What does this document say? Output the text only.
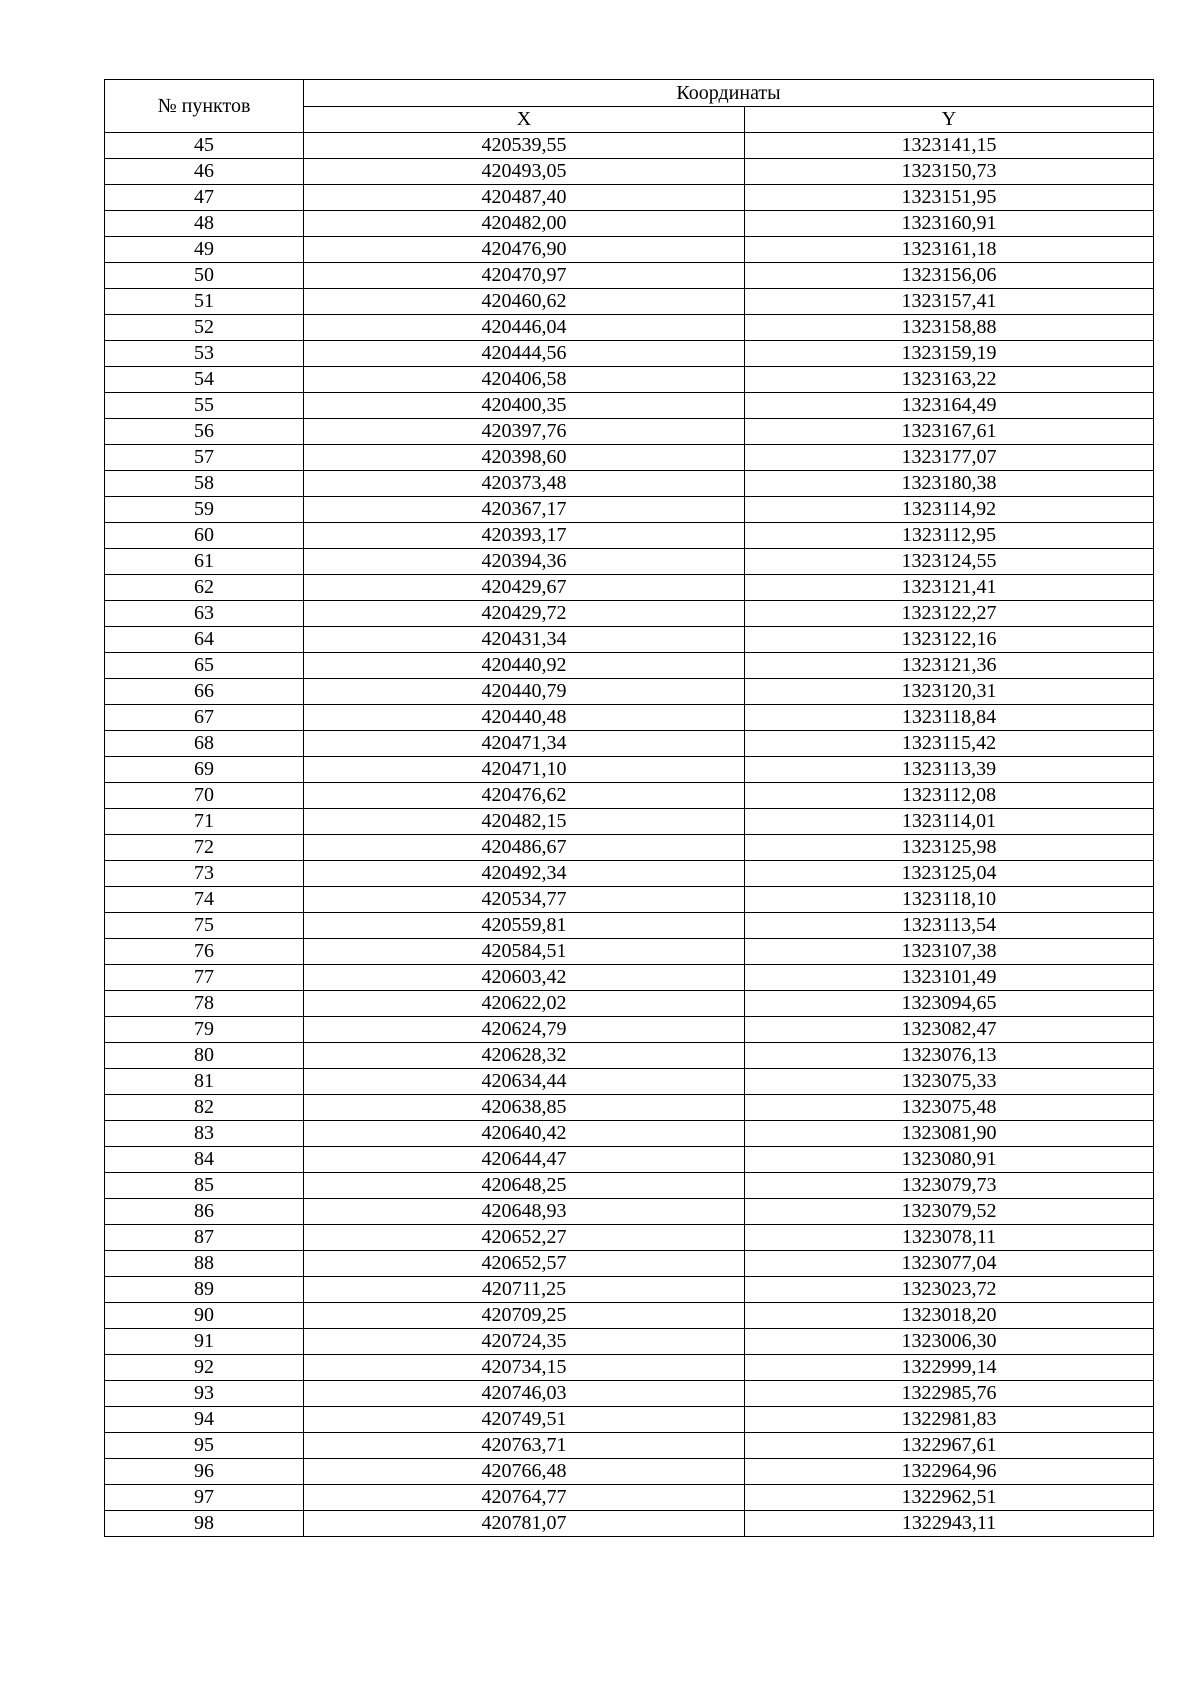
№ пунктов	Координаты	
	X	Y
45	420539,55	1323141,15
46	420493,05	1323150,73
47	420487,40	1323151,95
48	420482,00	1323160,91
49	420476,90	1323161,18
50	420470,97	1323156,06
51	420460,62	1323157,41
52	420446,04	1323158,88
53	420444,56	1323159,19
54	420406,58	1323163,22
55	420400,35	1323164,49
56	420397,76	1323167,61
57	420398,60	1323177,07
58	420373,48	1323180,38
59	420367,17	1323114,92
60	420393,17	1323112,95
61	420394,36	1323124,55
62	420429,67	1323121,41
63	420429,72	1323122,27
64	420431,34	1323122,16
65	420440,92	1323121,36
66	420440,79	1323120,31
67	420440,48	1323118,84
68	420471,34	1323115,42
69	420471,10	1323113,39
70	420476,62	1323112,08
71	420482,15	1323114,01
72	420486,67	1323125,98
73	420492,34	1323125,04
74	420534,77	1323118,10
75	420559,81	1323113,54
76	420584,51	1323107,38
77	420603,42	1323101,49
78	420622,02	1323094,65
79	420624,79	1323082,47
80	420628,32	1323076,13
81	420634,44	1323075,33
82	420638,85	1323075,48
83	420640,42	1323081,90
84	420644,47	1323080,91
85	420648,25	1323079,73
86	420648,93	1323079,52
87	420652,27	1323078,11
88	420652,57	1323077,04
89	420711,25	1323023,72
90	420709,25	1323018,20
91	420724,35	1323006,30
92	420734,15	1322999,14
93	420746,03	1322985,76
94	420749,51	1322981,83
95	420763,71	1322967,61
96	420766,48	1322964,96
97	420764,77	1322962,51
98	420781,07	1322943,11
